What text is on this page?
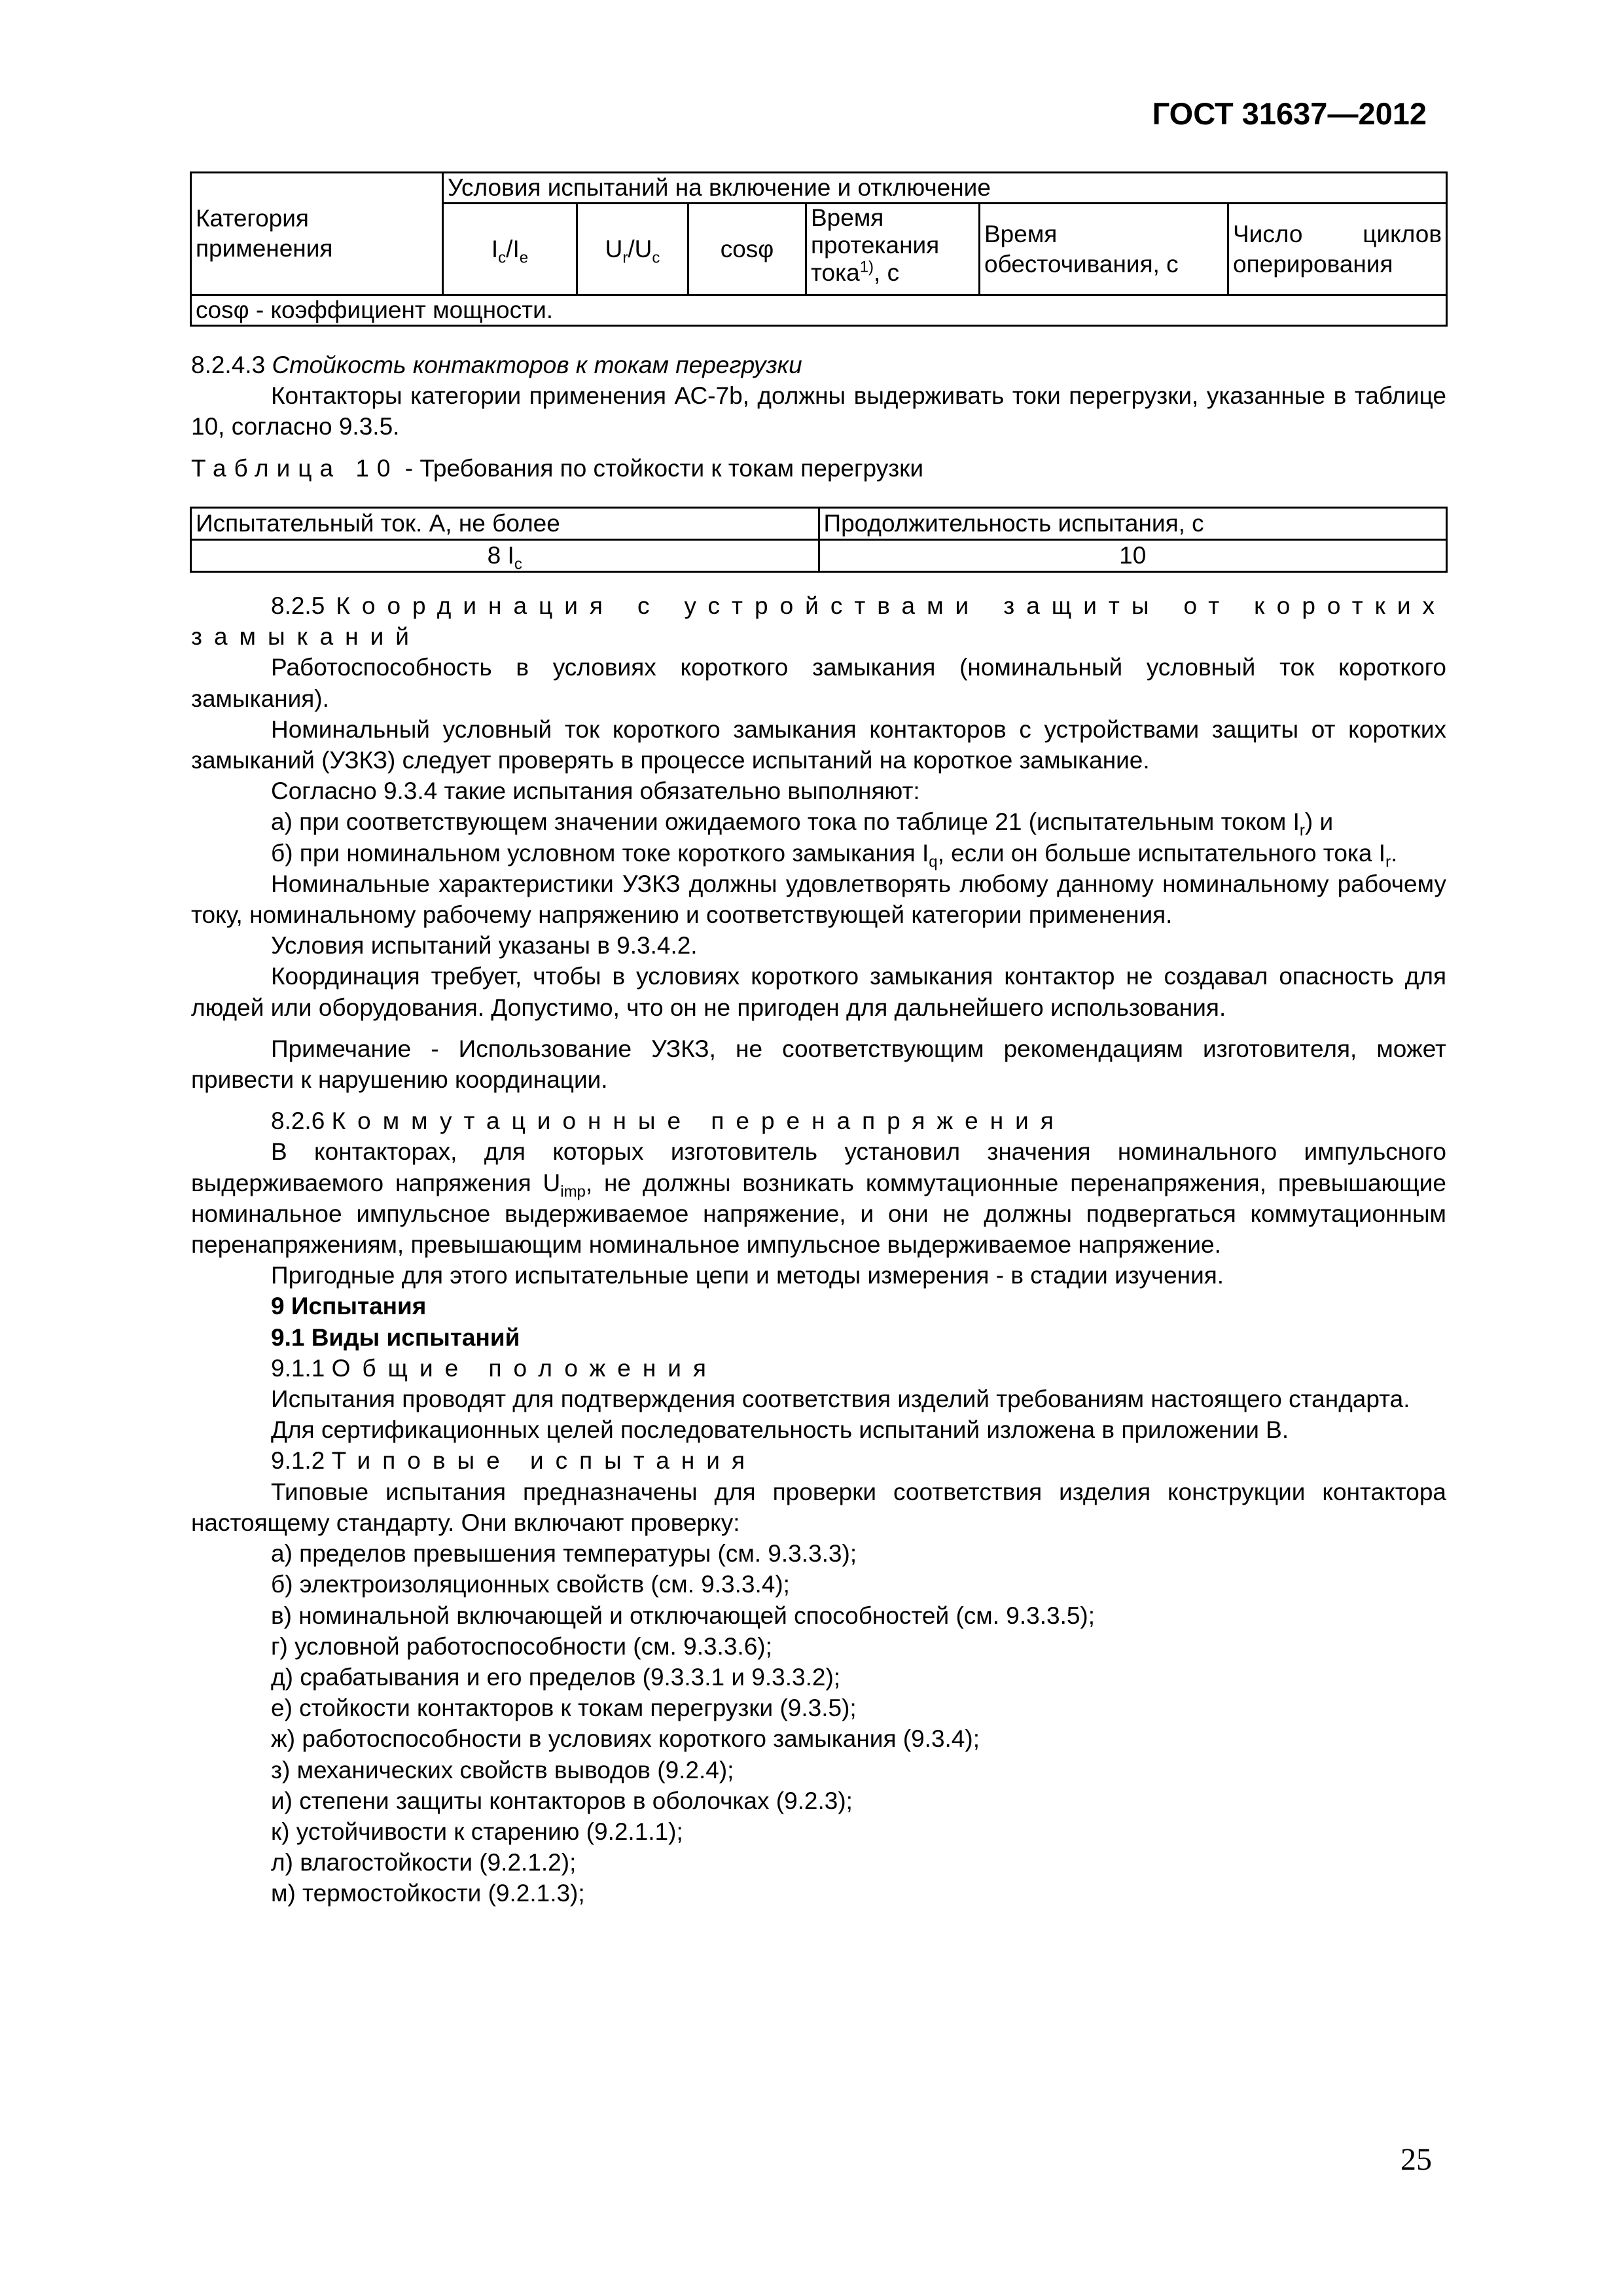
ГОСТ 31637—2012
Категория применения	Условия испытаний на включение и отключение					
	$I_c/I_e$	$U_r/U_c$	cosφ	Время протекания тока$^{1)}$, с	Время обесточивания, с	Число циклов оперирования

cosφ - коэффициент мощности.						
8.2.4.3 Стойкость контакторов к токам перегрузки
Контакторы категории применения АС-7b, должны выдерживать токи перегрузки, указанные в таблице 10, согласно 9.3.5.
Таблица 10 - Требования по стойкости к токам перегрузки
Испытательный ток. А, не более	Продолжительность испытания, с
8 $I_c$	10
8.2.5 Координация с устройствами защиты от коротких замыканий
Работоспособность в условиях короткого замыкания (номинальный условный ток короткого замыкания).
Номинальный условный ток короткого замыкания контакторов с устройствами защиты от коротких замыканий (УЗКЗ) следует проверять в процессе испытаний на короткое замыкание.
Согласно 9.3.4 такие испытания обязательно выполняют:
а) при соответствующем значении ожидаемого тока по таблице 21 (испытательным током $I_r$) и
б) при номинальном условном токе короткого замыкания $I_q$, если он больше испытательного тока $I_r$.
Номинальные характеристики УЗКЗ должны удовлетворять любому данному номинальному рабочему току, номинальному рабочему напряжению и соответствующей категории применения.
Условия испытаний указаны в 9.3.4.2.
Координация требует, чтобы в условиях короткого замыкания контактор не создавал опасность для людей или оборудования. Допустимо, что он не пригоден для дальнейшего использования.
Примечание - Использование УЗКЗ, не соответствующим рекомендациям изготовителя, может привести к нарушению координации.
8.2.6 Коммутационные перенапряжения
В контакторах, для которых изготовитель установил значения номинального импульсного выдерживаемого напряжения $U_{imp}$, не должны возникать коммутационные перенапряжения, превышающие номинальное импульсное выдерживаемое напряжение, и они не должны подвергаться коммутационным перенапряжениям, превышающим номинальное импульсное выдерживаемое напряжение.
Пригодные для этого испытательные цепи и методы измерения - в стадии изучения.
9 Испытания
9.1 Виды испытаний
9.1.1 Общие положения
Испытания проводят для подтверждения соответствия изделий требованиям настоящего стандарта.
Для сертификационных целей последовательность испытаний изложена в приложении В.
9.1.2 Типовые испытания
Типовые испытания предназначены для проверки соответствия изделия конструкции контактора настоящему стандарту. Они включают проверку:
а) пределов превышения температуры (см. 9.3.3.3);
б) электроизоляционных свойств (см. 9.3.3.4);
в) номинальной включающей и отключающей способностей (см. 9.3.3.5);
г) условной работоспособности (см. 9.3.3.6);
д) срабатывания и его пределов (9.3.3.1 и 9.3.3.2);
е) стойкости контакторов к токам перегрузки (9.3.5);
ж) работоспособности в условиях короткого замыкания (9.3.4);
з) механических свойств выводов (9.2.4);
и) степени защиты контакторов в оболочках (9.2.3);
к) устойчивости к старению (9.2.1.1);
л) влагостойкости (9.2.1.2);
м) термостойкости (9.2.1.3);
25
